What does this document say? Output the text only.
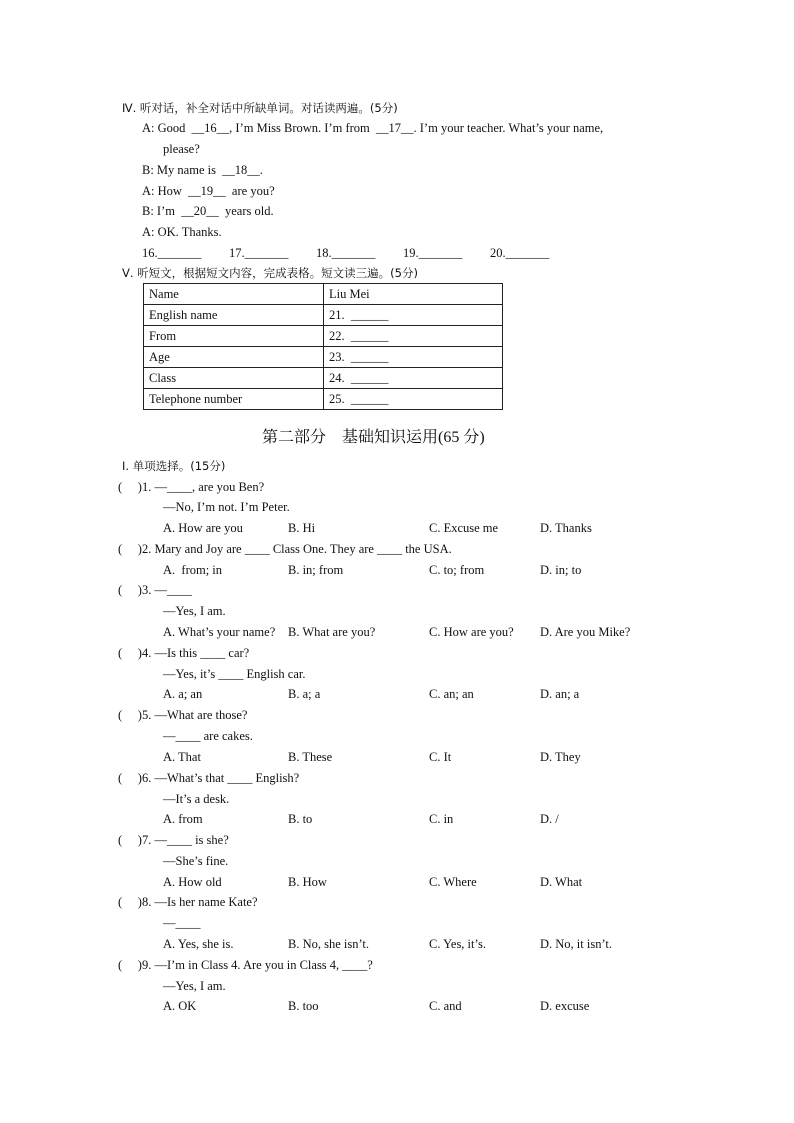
Ⅳ. 听对话，补全对话中所缺单词。对话读两遍。(5分)
A: Good  __16__, I’m Miss Brown. I’m from  __17__. I’m your teacher. What’s your name,
please?
B: My name is  __18__.
A: How  __19__  are you?
B: I’m  __20__  years old.
A: OK. Thanks.
16._______ 17._______ 18._______ 19._______ 20._______
Ⅴ. 听短文，根据短文内容，完成表格。短文读三遍。(5分)
Name	Liu Mei
English name	21.  ______
From	22.  ______
Age	23.  ______
Class	24.  ______
Telephone number	25.  ______
第二部分    基础知识运用(65 分)
Ⅰ. 单项选择。(15分)
(     )1. —____, are you Ben?
—No, I’m not. I’m Peter.
A. How are you	B. Hi	C. Excuse me	D. Thanks
(     )2. Mary and Joy are ____ Class One. They are ____ the USA.
A.  from; in	B. in; from	C. to; from	D. in; to
(     )3. —____
—Yes, I am.
A. What’s your name? B. What are you?	C. How are you? D. Are you Mike?
(     )4. —Is this ____ car?
—Yes, it’s ____ English car.
A. a; an	B. a; a	C. an; an	D. an; a
(     )5. —What are those?
—____ are cakes.
A. That	B. These	C. It	D. They
(     )6. —What’s that ____ English?
—It’s a desk.
A. from	B. to	C. in	D. /
(     )7. —____ is she?
—She’s fine.
A. How old	B. How	C. Where	D. What
(     )8. —Is her name Kate?
—____
A. Yes, she is.	B. No, she isn’t.	C. Yes, it’s.	D. No, it isn’t.
(     )9. —I’m in Class 4. Are you in Class 4, ____?
—Yes, I am.
A. OK	B. too	C. and	D. excuse
